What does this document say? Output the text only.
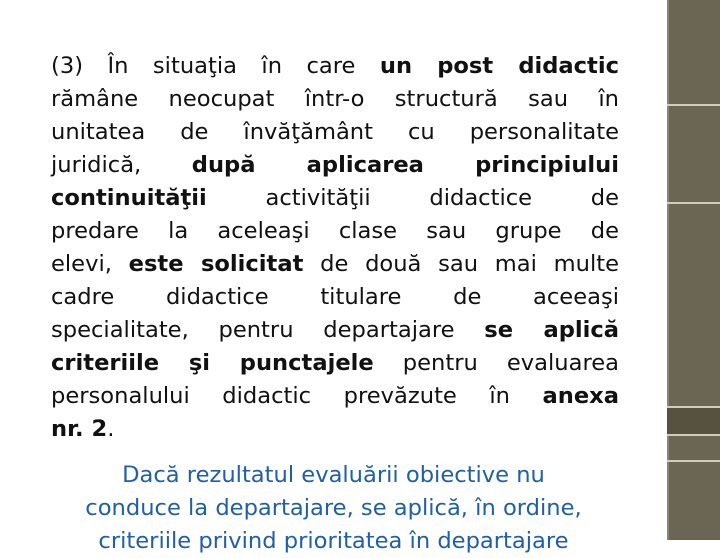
(3) În situaţia în care un post didactic
rămâne neocupat într-o structură sau în
unitatea de învăţământ cu personalitate
juridică, după aplicarea principiului
continuităţii activităţii didactice de
predare la aceleaşi clase sau grupe de
elevi, este solicitat de două sau mai multe
cadre didactice titulare de aceeaşi
specialitate, pentru departajare se aplică
criteriile şi punctajele pentru evaluarea
personalului didactic prevăzute în anexa
nr. 2.
Dacă rezultatul evaluării obiective nu
conduce la departajare, se aplică, în ordine,
criteriile privind prioritatea în departajare
